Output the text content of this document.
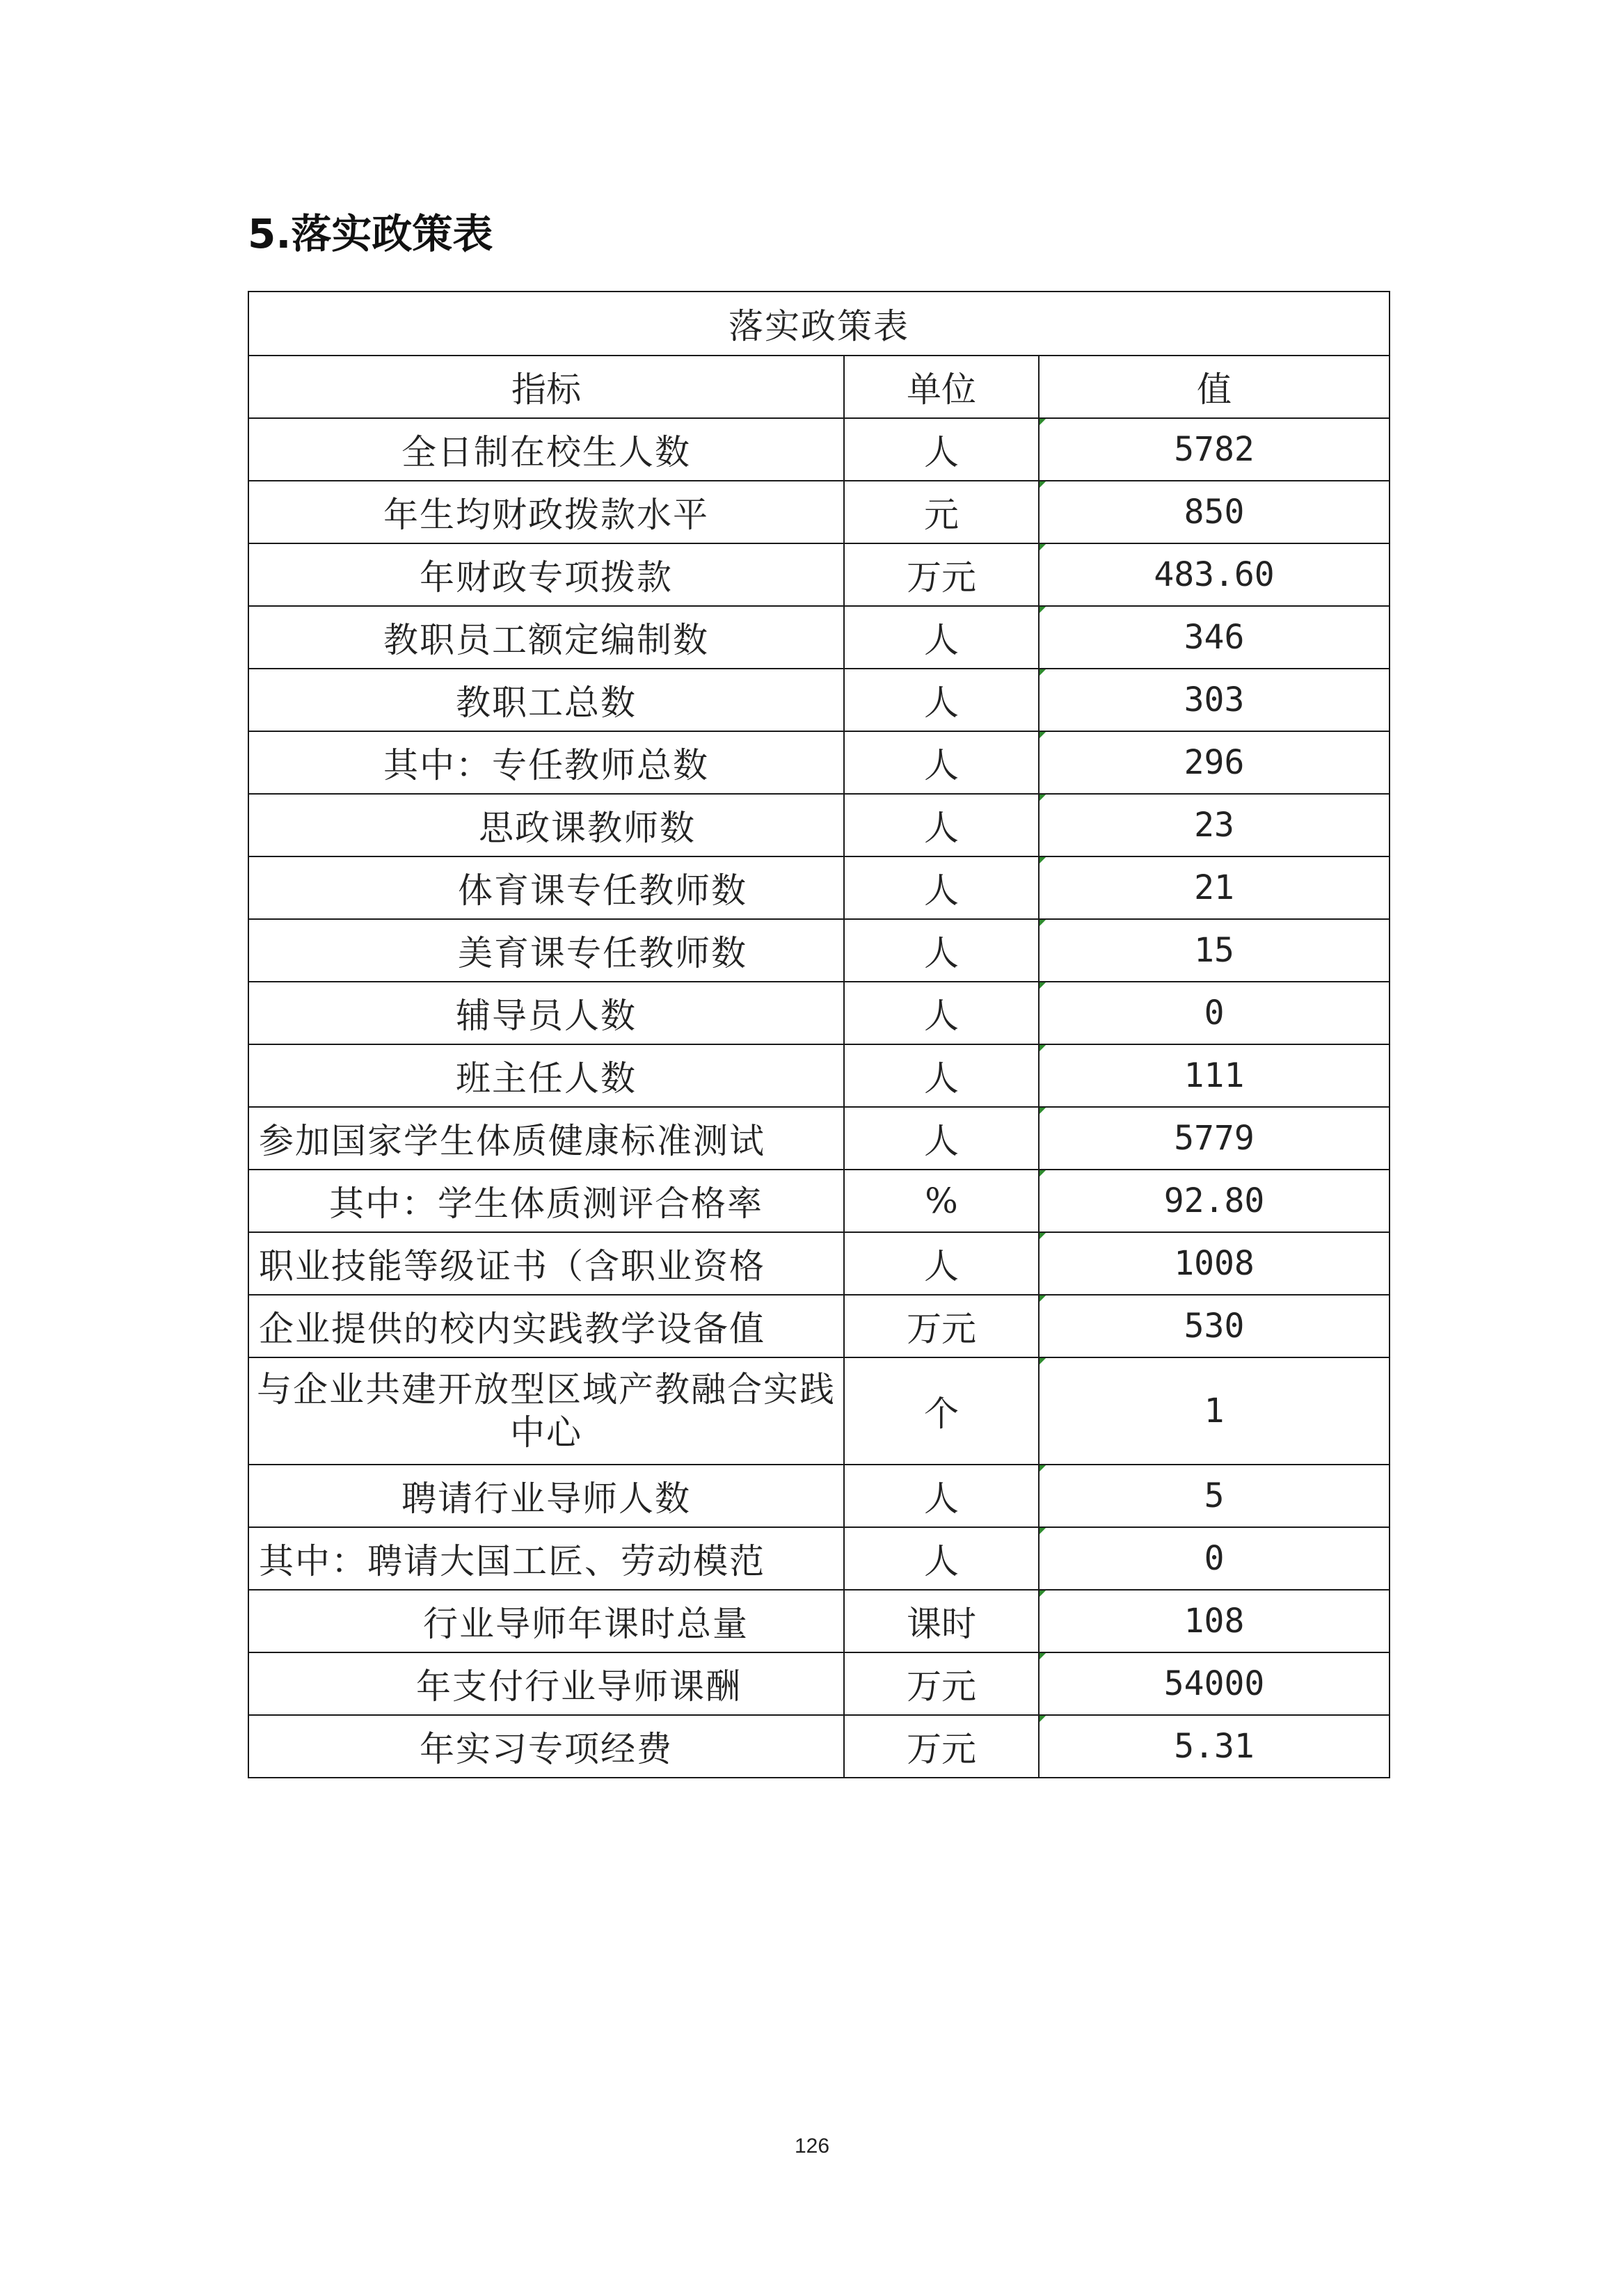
5.落实政策表
落实政策表		
指标	单位	值
全日制在校生人数	人	5782
年生均财政拨款水平	元	850
年财政专项拨款	万元	483.60
教职员工额定编制数	人	346
教职工总数	人	303
其中：专任教师总数	人	296
思政课教师数	人	23
体育课专任教师数	人	21
美育课专任教师数	人	15
辅导员人数	人	0
班主任人数	人	111
参加国家学生体质健康标准测试	人	5779
其中：学生体质测评合格率	%	92.80
职业技能等级证书（含职业资格	人	1008
企业提供的校内实践教学设备值	万元	530
与企业共建开放型区域产教融合实践中心	个	1
聘请行业导师人数	人	5
其中：聘请大国工匠、劳动模范	人	0
行业导师年课时总量	课时	108
年支付行业导师课酬	万元	54000
年实习专项经费	万元	5.31
126
